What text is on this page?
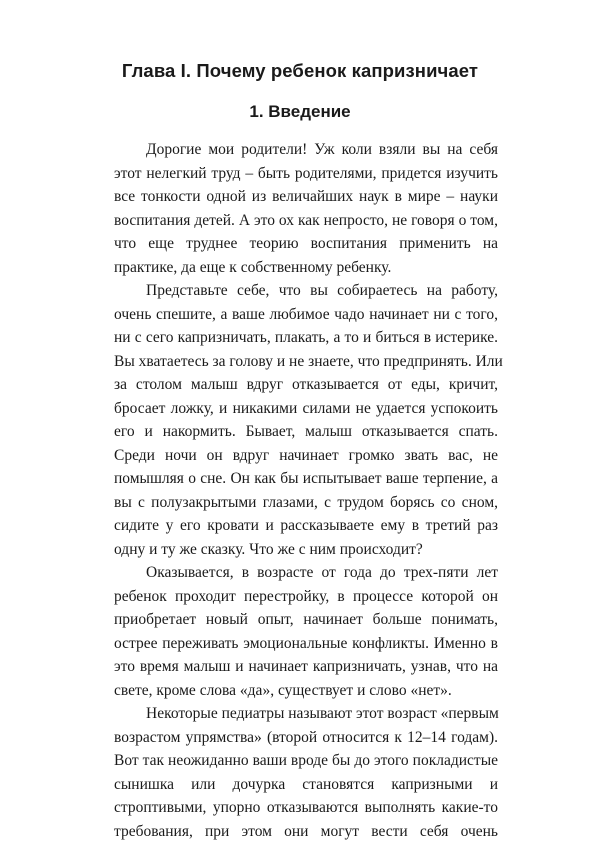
Глава I. Почему ребенок капризничает
1. Введение
Дорогие мои родители! Уж коли взяли вы на себя
этот нелегкий труд – быть родителями, придется изучить
все тонкости одной из величайших наук в мире – науки
воспитания детей. А это ох как непросто, не говоря о том,
что еще труднее теорию воспитания применить на
практике, да еще к собственному ребенку.
Представьте себе, что вы собираетесь на работу,
очень спешите, а ваше любимое чадо начинает ни с того,
ни с сего капризничать, плакать, а то и биться в истерике.
Вы хватаетесь за голову и не знаете, что предпринять. Или
за столом малыш вдруг отказывается от еды, кричит,
бросает ложку, и никакими силами не удается успокоить
его и накормить. Бывает, малыш отказывается спать.
Среди ночи он вдруг начинает громко звать вас, не
помышляя о сне. Он как бы испытывает ваше терпение, а
вы с полузакрытыми глазами, с трудом борясь со сном,
сидите у его кровати и рассказываете ему в третий раз
одну и ту же сказку. Что же с ним происходит?
Оказывается, в возрасте от года до трех-пяти лет
ребенок проходит перестройку, в процессе которой он
приобретает новый опыт, начинает больше понимать,
острее переживать эмоциональные конфликты. Именно в
это время малыш и начинает капризничать, узнав, что на
свете, кроме слова «да», существует и слово «нет».
Некоторые педиатры называют этот возраст «первым
возрастом упрямства» (второй относится к 12–14 годам).
Вот так неожиданно ваши вроде бы до этого покладистые
сынишка или дочурка становятся капризными и
строптивыми, упорно отказываются выполнять какие-то
требования, при этом они могут вести себя очень
